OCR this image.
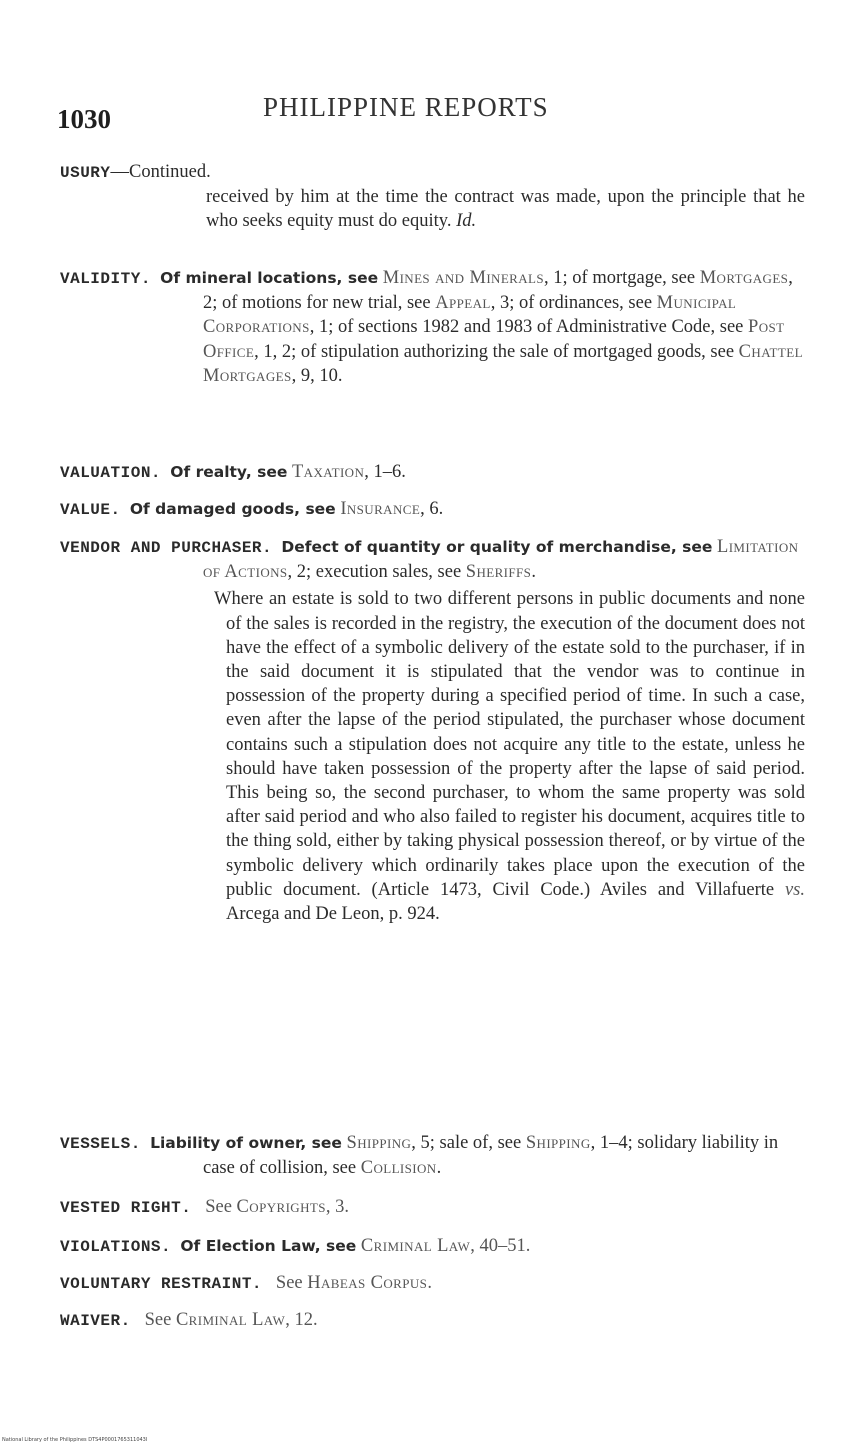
1030	PHILIPPINE REPORTS
USURY—Continued.
received by him at the time the contract was made, upon the principle that he who seeks equity must do equity. Id.
VALIDITY. Of mineral locations, see Mines and Minerals, 1; of mortgage, see Mortgages, 2; of motions for new trial, see Appeal, 3; of ordinances, see Municipal Corporations, 1; of sections 1982 and 1983 of Administrative Code, see Post Office, 1, 2; of stipulation authorizing the sale of mortgaged goods, see Chattel Mortgages, 9, 10.
VALUATION. Of realty, see Taxation, 1–6.
VALUE. Of damaged goods, see Insurance, 6.
VENDOR AND PURCHASER. Defect of quantity or quality of merchandise, see Limitation of Actions, 2; execution sales, see Sheriffs.
Where an estate is sold to two different persons in public documents and none of the sales is recorded in the registry, the execution of the document does not have the effect of a symbolic delivery of the estate sold to the purchaser, if in the said document it is stipulated that the vendor was to continue in possession of the property during a specified period of time. In such a case, even after the lapse of the period stipulated, the purchaser whose document contains such a stipulation does not acquire any title to the estate, unless he should have taken possession of the property after the lapse of said period. This being so, the second purchaser, to whom the same property was sold after said period and who also failed to register his document, acquires title to the thing sold, either by taking physical possession thereof, or by virtue of the symbolic delivery which ordinarily takes place upon the execution of the public document. (Article 1473, Civil Code.) Aviles and Villafuerte vs. Arcega and De Leon, p. 924.
VESSELS. Liability of owner, see Shipping, 5; sale of, see Shipping, 1–4; solidary liability in case of collision, see Collision.
VESTED RIGHT. See Copyrights, 3.
VIOLATIONS. Of Election Law, see Criminal Law, 40–51.
VOLUNTARY RESTRAINT. See Habeas Corpus.
WAIVER. See Criminal Law, 12.
National Library of the Philippines DTS4P0001765311043I
